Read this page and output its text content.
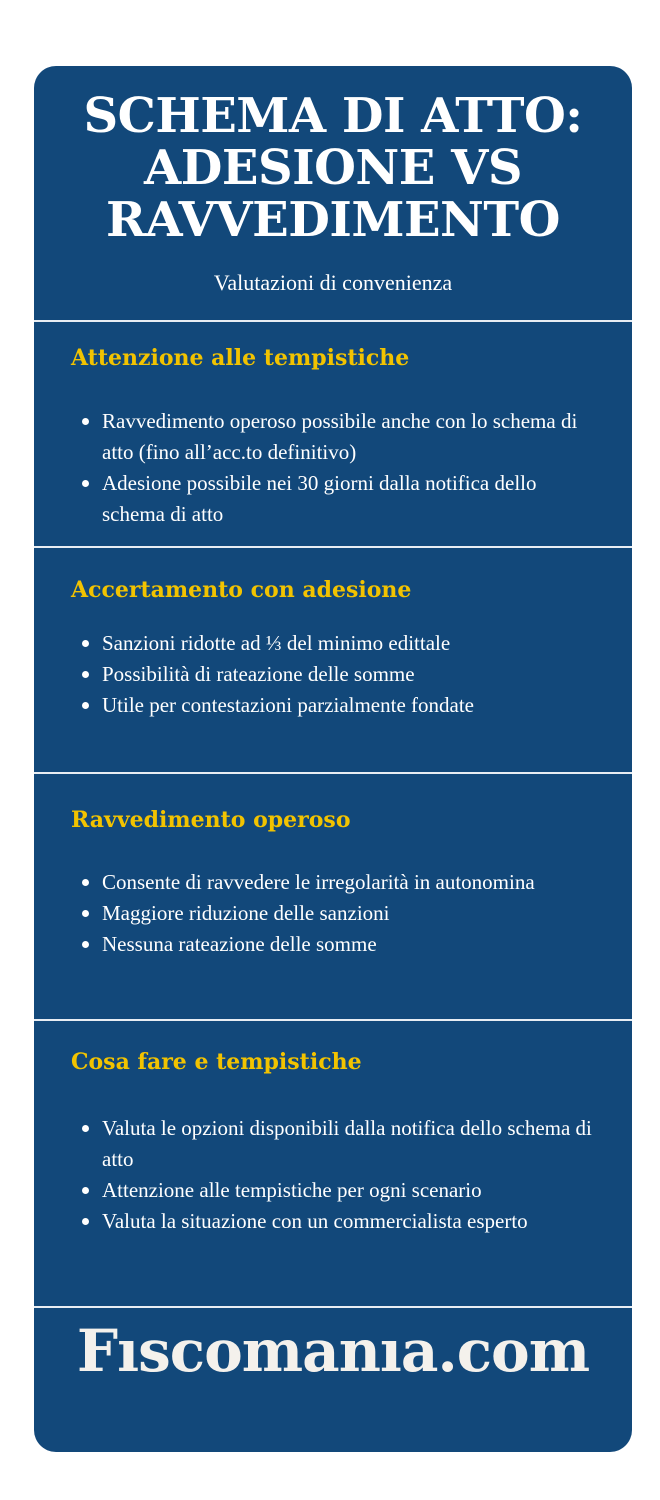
SCHEMA DI ATTO:
ADESIONE VS
RAVVEDIMENTO
Valutazioni di convenienza
Attenzione alle tempistiche
Ravvedimento operoso possibile anche con lo schema di atto (fino all’acc.to definitivo)
Adesione possibile nei 30 giorni dalla notifica dello schema di atto
Accertamento con adesione
Sanzioni ridotte ad ⅓ del minimo edittale
Possibilità di rateazione delle somme
Utile per contestazioni parzialmente fondate
Ravvedimento operoso
Consente di ravvedere le irregolarità in autonomina
Maggiore riduzione delle sanzioni
Nessuna rateazione delle somme
Cosa fare e tempistiche
Valuta le opzioni disponibili dalla notifica dello schema di atto
Attenzione alle tempistiche per ogni scenario
Valuta la situazione con un commercialista esperto
Fıscomanıa.com
